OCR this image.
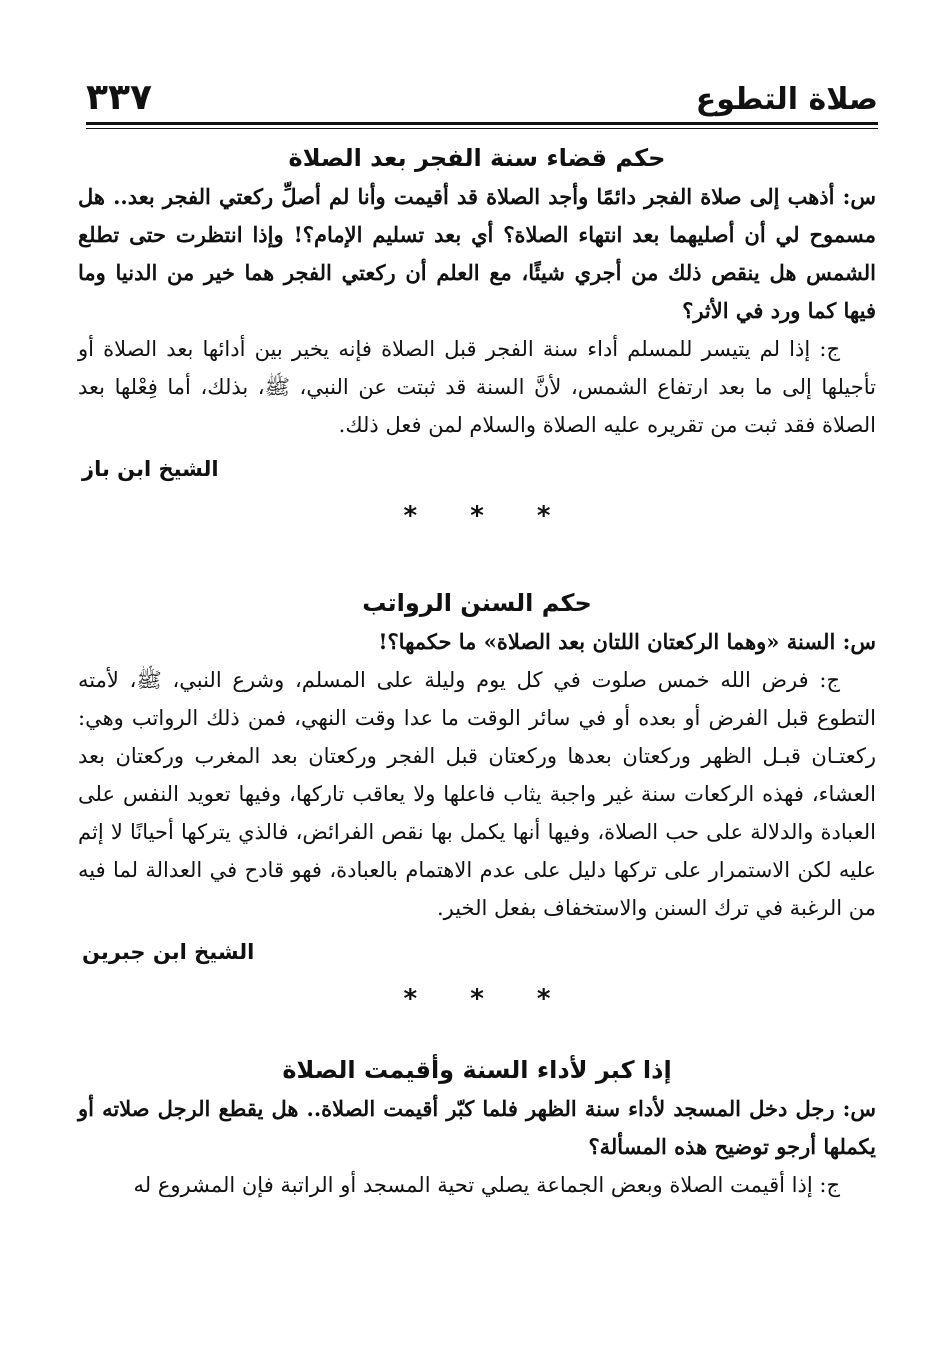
٣٣٧	صلاة التطوع
حكم قضاء سنة الفجر بعد الصلاة

س: أذهب إلى صلاة الفجر دائمًا وأجد الصلاة قد أقيمت وأنا لم أصلِّ ركعتي الفجر بعد.. هل مسموح لي أن أصليهما بعد انتهاء الصلاة؟ أي بعد تسليم الإمام؟! وإذا انتظرت حتى تطلع الشمس هل ينقص ذلك من أجري شيئًا، مع العلم أن ركعتي الفجر هما خير من الدنيا وما فيها كما ورد في الأثر؟

ج: إذا لم يتيسر للمسلم أداء سنة الفجر قبل الصلاة فإنه يخير بين أدائها بعد الصلاة أو تأجيلها إلى ما بعد ارتفاع الشمس، لأنَّ السنة قد ثبتت عن النبي، ﷺ، بذلك، أما فِعْلها بعد الصلاة فقد ثبت من تقريره عليه الصلاة والسلام لمن فعل ذلك.

الشيخ ابن باز
* * *
حكم السنن الرواتب

س: السنة «وهما الركعتان اللتان بعد الصلاة» ما حكمها؟!

ج: فرض الله خمس صلوت في كل يوم وليلة على المسلم، وشرع النبي، ﷺ، لأمته التطوع قبل الفرض أو بعده أو في سائر الوقت ما عدا وقت النهي، فمن ذلك الرواتب وهي: ركعتـان قبـل الظهر وركعتان بعدها وركعتان قبل الفجر وركعتان بعد المغرب وركعتان بعد العشاء، فهذه الركعات سنة غير واجبة يثاب فاعلها ولا يعاقب تاركها، وفيها تعويد النفس على العبادة والدلالة على حب الصلاة، وفيها أنها يكمل بها نقص الفرائض، فالذي يتركها أحيانًا لا إثم عليه لكن الاستمرار على تركها دليل على عدم الاهتمام بالعبادة، فهو قادح في العدالة لما فيه من الرغبة في ترك السنن والاستخفاف بفعل الخير.

الشيخ ابن جبرين
* * *
إذا كبر لأداء السنة وأقيمت الصلاة

س: رجل دخل المسجد لأداء سنة الظهر فلما كبّر أقيمت الصلاة.. هل يقطع الرجل صلاته أو يكملها أرجو توضيح هذه المسألة؟

ج: إذا أقيمت الصلاة وبعض الجماعة يصلي تحية المسجد أو الراتبة فإن المشروع له
